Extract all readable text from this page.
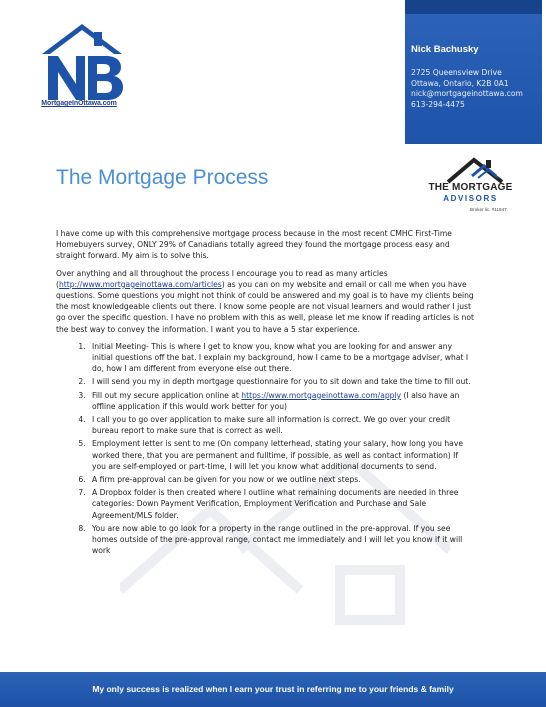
MortgageInOttawa.com
Nick Bachusky
2725 Queensview Drive
Ottawa, Ontario, K2B 0A1
nick@mortgageinottawa.com
613-294-4475
THE MORTGAGE
ADVISORS
Broker lic. #11947
The Mortgage Process

I have come up with this comprehensive mortgage process because in the most recent CMHC First-Time Homebuyers survey, ONLY 29% of Canadians totally agreed they found the mortgage process easy and straight forward. My aim is to solve this.

Over anything and all throughout the process I encourage you to read as many articles (http://www.mortgageinottawa.com/articles) as you can on my website and email or call me when you have questions. Some questions you might not think of could be answered and my goal is to have my clients being the most knowledgeable clients out there. I know some people are not visual learners and would rather I just go over the specific question. I have no problem with this as well, please let me know if reading articles is not the best way to convey the information. I want you to have a 5 star experience.

1. Initial Meeting- This is where I get to know you, know what you are looking for and answer any initial questions off the bat. I explain my background, how I came to be a mortgage adviser, what I do, how I am different from everyone else out there.
2. I will send you my in depth mortgage questionnaire for you to sit down and take the time to fill out.
3. Fill out my secure application online at https://www.mortgageinottawa.com/apply (I also have an offline application if this would work better for you)
4. I call you to go over application to make sure all information is correct. We go over your credit bureau report to make sure that is correct as well.
5. Employment letter is sent to me (On company letterhead, stating your salary, how long you have worked there, that you are permanent and fulltime, if possible, as well as contact information) If you are self-employed or part-time, I will let you know what additional documents to send.
6. A firm pre-approval can be given for you now or we outline next steps.
7. A Dropbox folder is then created where I outline what remaining documents are needed in three categories: Down Payment Verification, Employment Verification and Purchase and Sale Agreement/MLS folder.
8. You are now able to go look for a property in the range outlined in the pre-approval. If you see homes outside of the pre-approval range, contact me immediately and I will let you know if it will work
My only success is realized when I earn your trust in referring me to your friends & family
